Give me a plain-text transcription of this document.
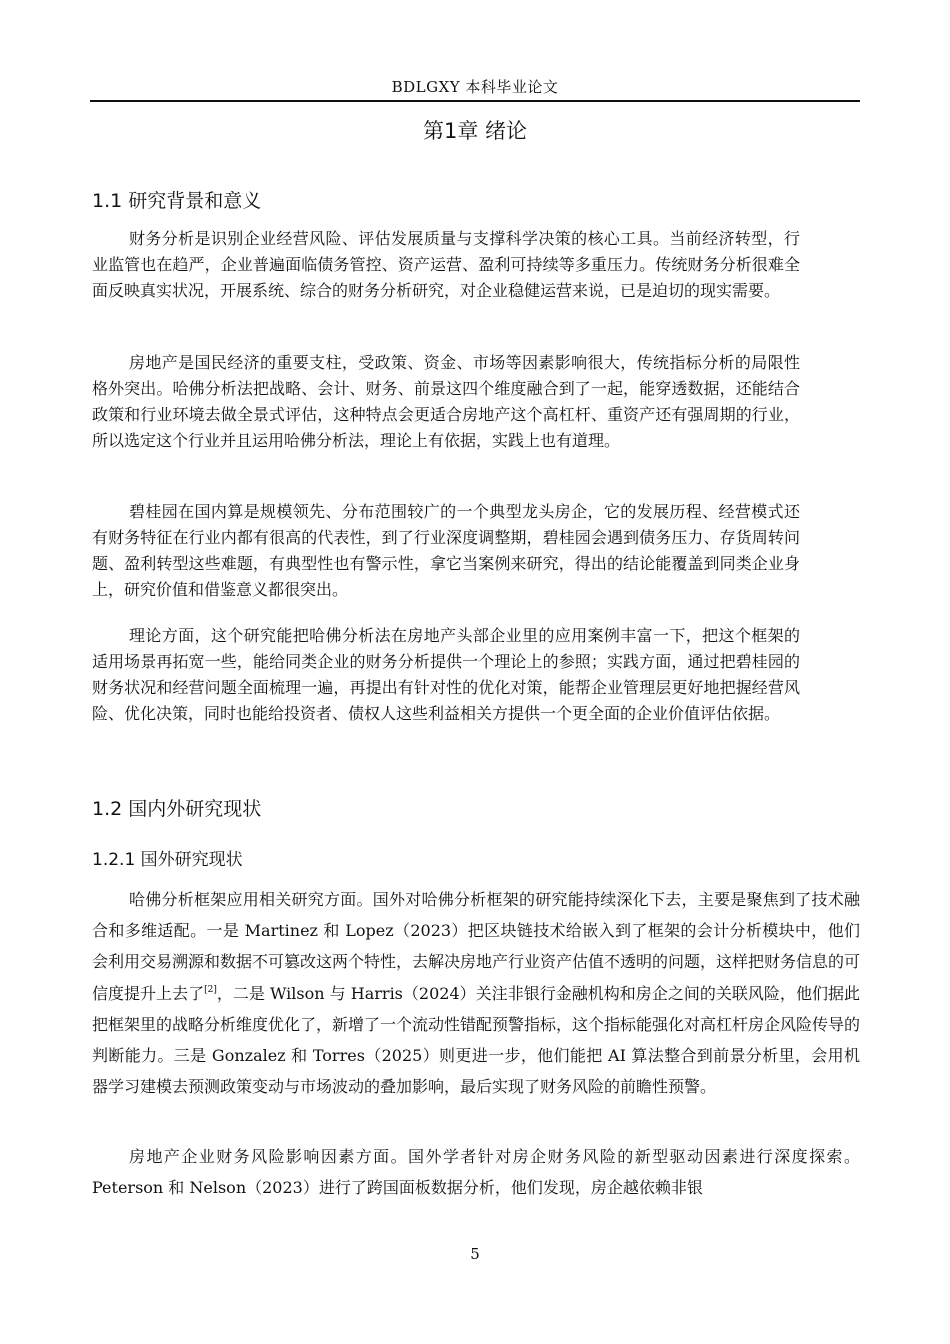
BDLGXY 本科毕业论文
第1章 绪论
1.1 研究背景和意义

财务分析是识别企业经营风险、评估发展质量与支撑科学决策的核心工具。当前经济转型，行业监管也在趋严，企业普遍面临债务管控、资产运营、盈利可持续等多重压力。传统财务分析很难全面反映真实状况，开展系统、综合的财务分析研究，对企业稳健运营来说，已是迫切的现实需要。

房地产是国民经济的重要支柱，受政策、资金、市场等因素影响很大，传统指标分析的局限性格外突出。哈佛分析法把战略、会计、财务、前景这四个维度融合到了一起，能穿透数据，还能结合政策和行业环境去做全景式评估，这种特点会更适合房地产这个高杠杆、重资产还有强周期的行业，所以选定这个行业并且运用哈佛分析法，理论上有依据，实践上也有道理。

碧桂园在国内算是规模领先、分布范围较广的一个典型龙头房企，它的发展历程、经营模式还有财务特征在行业内都有很高的代表性，到了行业深度调整期，碧桂园会遇到债务压力、存货周转问题、盈利转型这些难题，有典型性也有警示性，拿它当案例来研究，得出的结论能覆盖到同类企业身上，研究价值和借鉴意义都很突出。

理论方面，这个研究能把哈佛分析法在房地产头部企业里的应用案例丰富一下，把这个框架的适用场景再拓宽一些，能给同类企业的财务分析提供一个理论上的参照；实践方面，通过把碧桂园的财务状况和经营问题全面梳理一遍，再提出有针对性的优化对策，能帮企业管理层更好地把握经营风险、优化决策，同时也能给投资者、债权人这些利益相关方提供一个更全面的企业价值评估依据。

1.2 国内外研究现状
1.2.1 国外研究现状

哈佛分析框架应用相关研究方面。国外对哈佛分析框架的研究能持续深化下去，主要是聚焦到了技术融合和多维适配。一是 Martinez 和 Lopez（2023）把区块链技术给嵌入到了框架的会计分析模块中，他们会利用交易溯源和数据不可篡改这两个特性，去解决房地产行业资产估值不透明的问题，这样把财务信息的可信度提升上去了[2]，二是 Wilson 与 Harris（2024）关注非银行金融机构和房企之间的关联风险，他们据此把框架里的战略分析维度优化了，新增了一个流动性错配预警指标，这个指标能强化对高杠杆房企风险传导的判断能力。三是 Gonzalez 和 Torres（2025）则更进一步，他们能把 AI 算法整合到前景分析里，会用机器学习建模去预测政策变动与市场波动的叠加影响，最后实现了财务风险的前瞻性预警。

房地产企业财务风险影响因素方面。国外学者针对房企财务风险的新型驱动因素进行深度探索。Peterson 和 Nelson（2023）进行了跨国面板数据分析，他们发现，房企越依赖非银

5
